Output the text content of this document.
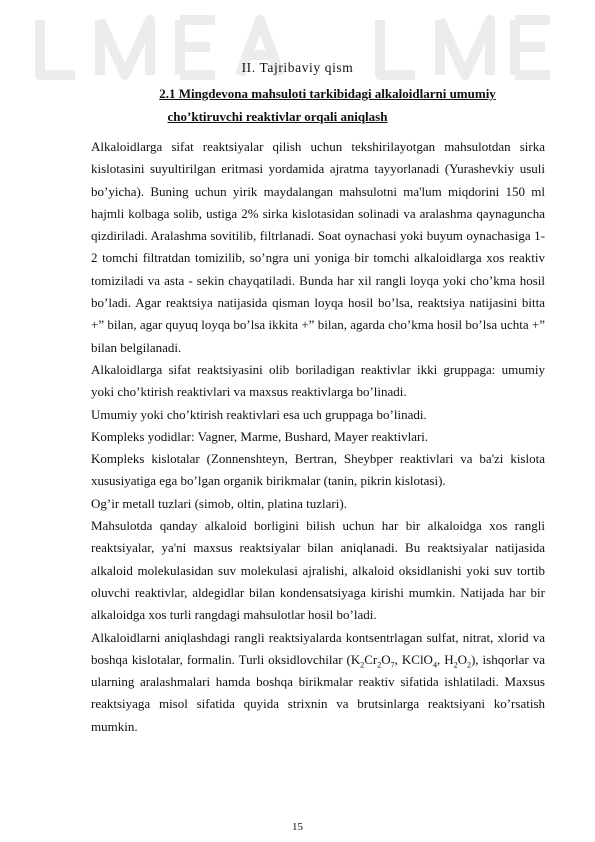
II. Tajribaviy qism
2.1 Mingdevona mahsuloti tarkibidagi alkaloidlarni umumiy
cho’ktiruvchi reaktivlar orqali aniqlash

Alkaloidlarga sifat reaktsiyalar qilish uchun tekshirilayotgan mahsulotdan sirka kislotasini suyultirilgan eritmasi yordamida ajratma tayyorlanadi (Yurashevkiy usuli bo’yicha). Buning uchun yirik maydalangan mahsulotni ma'lum miqdorini 150 ml hajmli kolbaga solib, ustiga 2% sirka kislotasidan solinadi va aralashma qaynaguncha qizdiriladi. Aralashma sovitilib, filtrlanadi. Soat oynachasi yoki buyum oynachasiga 1-2 tomchi filtratdan tomizilib, so’ngra uni yoniga bir tomchi alkaloidlarga xos reaktiv tomiziladi va asta - sekin chayqatiladi. Bunda har xil rangli loyqa yoki cho’kma hosil bo’ladi. Agar reaktsiya natijasida qisman loyqa hosil bo’lsa, reaktsiya natijasini bitta +” bilan, agar quyuq loyqa bo’lsa ikkita +” bilan, agarda cho’kma hosil bo’lsa uchta +” bilan belgilanadi.

Alkaloidlarga sifat reaktsiyasini olib boriladigan reaktivlar ikki gruppaga: umumiy yoki cho’ktirish reaktivlari va maxsus reaktivlarga bo’linadi.

Umumiy yoki cho’ktirish reaktivlari esa uch gruppaga bo’linadi.

Kompleks yodidlar: Vagner, Marme, Bushard, Mayer reaktivlari.

Kompleks kislotalar (Zonnenshteyn, Bertran, Sheybper reaktivlari va ba'zi kislota xususiyatiga ega bo’lgan organik birikmalar (tanin, pikrin kislotasi).

Og’ir metall tuzlari (simob, oltin, platina tuzlari).

Mahsulotda qanday alkaloid borligini bilish uchun har bir alkaloidga xos rangli reaktsiyalar, ya'ni maxsus reaktsiyalar bilan aniqlanadi. Bu reaktsiyalar natijasida alkaloid molekulasidan suv molekulasi ajralishi, alkaloid oksidlanishi yoki suv tortib oluvchi reaktivlar, aldegidlar bilan kondensatsiyaga kirishi mumkin. Natijada har bir alkaloidga xos turli rangdagi mahsulotlar hosil bo’ladi.

Alkaloidlarni aniqlashdagi rangli reaktsiyalarda kontsentrlagan sulfat, nitrat, xlorid va boshqa kislotalar, formalin. Turli oksidlovchilar ($K_2Cr_2O_7$, KClO$_4$, $H_2O_2$), ishqorlar va ularning aralashmalari hamda boshqa birikmalar reaktiv sifatida ishlatiladi. Maxsus reaktsiyaga misol sifatida quyida strixnin va brutsinlarga reaktsiyani ko’rsatish mumkin.

15
